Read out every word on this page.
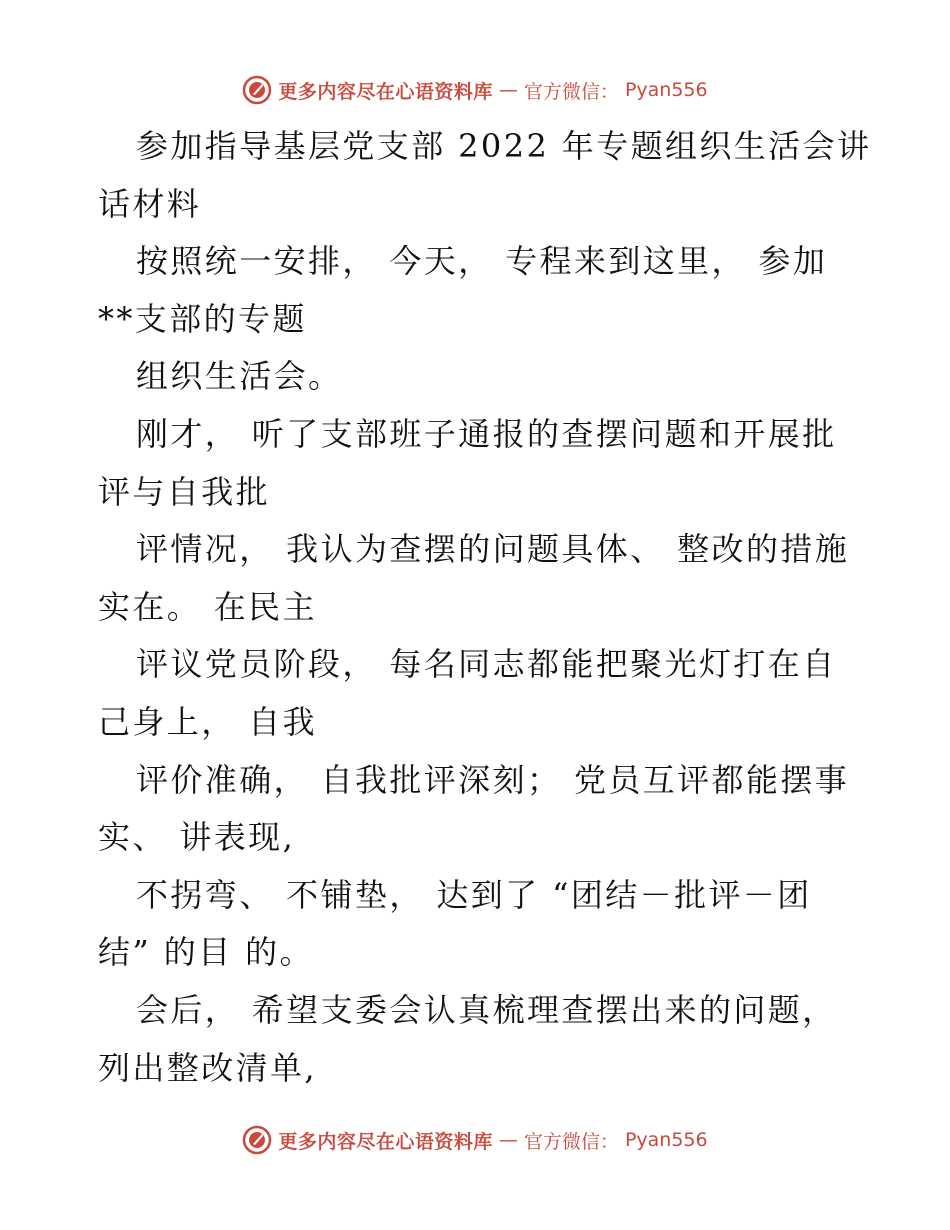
更多内容尽在心语资料库 — 官方微信： Pyan556
参加指导基层党支部 2022 年专题组织生活会讲
话材料
按照统一安排， 今天， 专程来到这里， 参加
**支部的专题
组织生活会。
刚才， 听了支部班子通报的查摆问题和开展批
评与自我批
评情况， 我认为查摆的问题具体、 整改的措施
实在。 在民主
评议党员阶段， 每名同志都能把聚光灯打在自
己身上， 自我
评价准确， 自我批评深刻； 党员互评都能摆事
实、 讲表现,
不拐弯、 不铺垫， 达到了 “团结－批评－团
结” 的目 的。
会后， 希望支委会认真梳理查摆出来的问题，
列出整改清单,
更多内容尽在心语资料库 — 官方微信： Pyan556
